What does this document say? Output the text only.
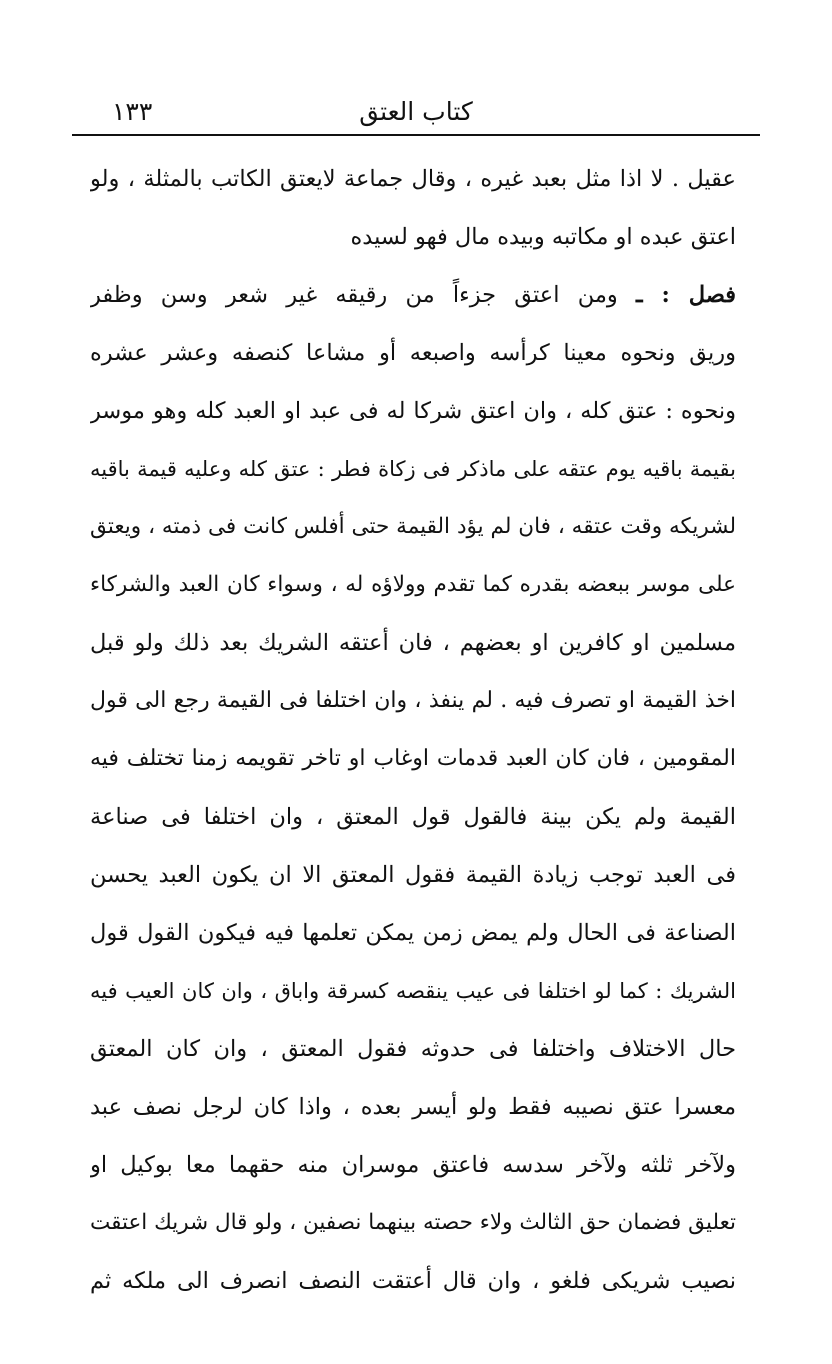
كتاب العتق
١٣٣
عقيل . لا اذا مثل بعبد غيره ، وقال جماعة لايعتق الكاتب بالمثلة ، ولو
اعتق عبده او مكاتبه وبيده مال فهو لسيده
فصل : ـ ومن اعتق جزءاً من رقيقه غير شعر وسن وظفر
وريق ونحوه معينا كرأسه واصبعه أو مشاعا كنصفه وعشر عشره
ونحوه : عتق كله ، وان اعتق شركا له فى عبد او العبد كله وهو موسر
بقيمة باقيه يوم عتقه على ماذكر فى زكاة فطر : عتق كله وعليه قيمة باقيه
لشريكه وقت عتقه ، فان لم يؤد القيمة حتى أفلس كانت فى ذمته ، ويعتق
على موسر ببعضه بقدره كما تقدم وولاؤه له ، وسواء كان العبد والشركاء
مسلمين او كافرين او بعضهم ، فان أعتقه الشريك بعد ذلك ولو قبل
اخذ القيمة او تصرف فيه . لم ينفذ ، وان اختلفا فى القيمة رجع الى قول
المقومين ، فان كان العبد قدمات اوغاب او تاخر تقويمه زمنا تختلف فيه
القيمة ولم يكن بينة فالقول قول المعتق ، وان اختلفا فى صناعة
فى العبد توجب زيادة القيمة فقول المعتق الا ان يكون العبد يحسن
الصناعة فى الحال ولم يمض زمن يمكن تعلمها فيه فيكون القول قول
الشريك : كما لو اختلفا فى عيب ينقصه كسرقة واباق ، وان كان العيب فيه
حال الاختلاف واختلفا فى حدوثه فقول المعتق ، وان كان المعتق
معسرا عتق نصيبه فقط ولو أيسر بعده ، واذا كان لرجل نصف عبد
ولآخر ثلثه ولآخر سدسه فاعتق موسران منه حقهما معا بوكيل او
تعليق فضمان حق الثالث ولاء حصته بينهما نصفين ، ولو قال شريك اعتقت
نصيب شريكى فلغو ، وان قال أعتقت النصف انصرف الى ملكه ثم
